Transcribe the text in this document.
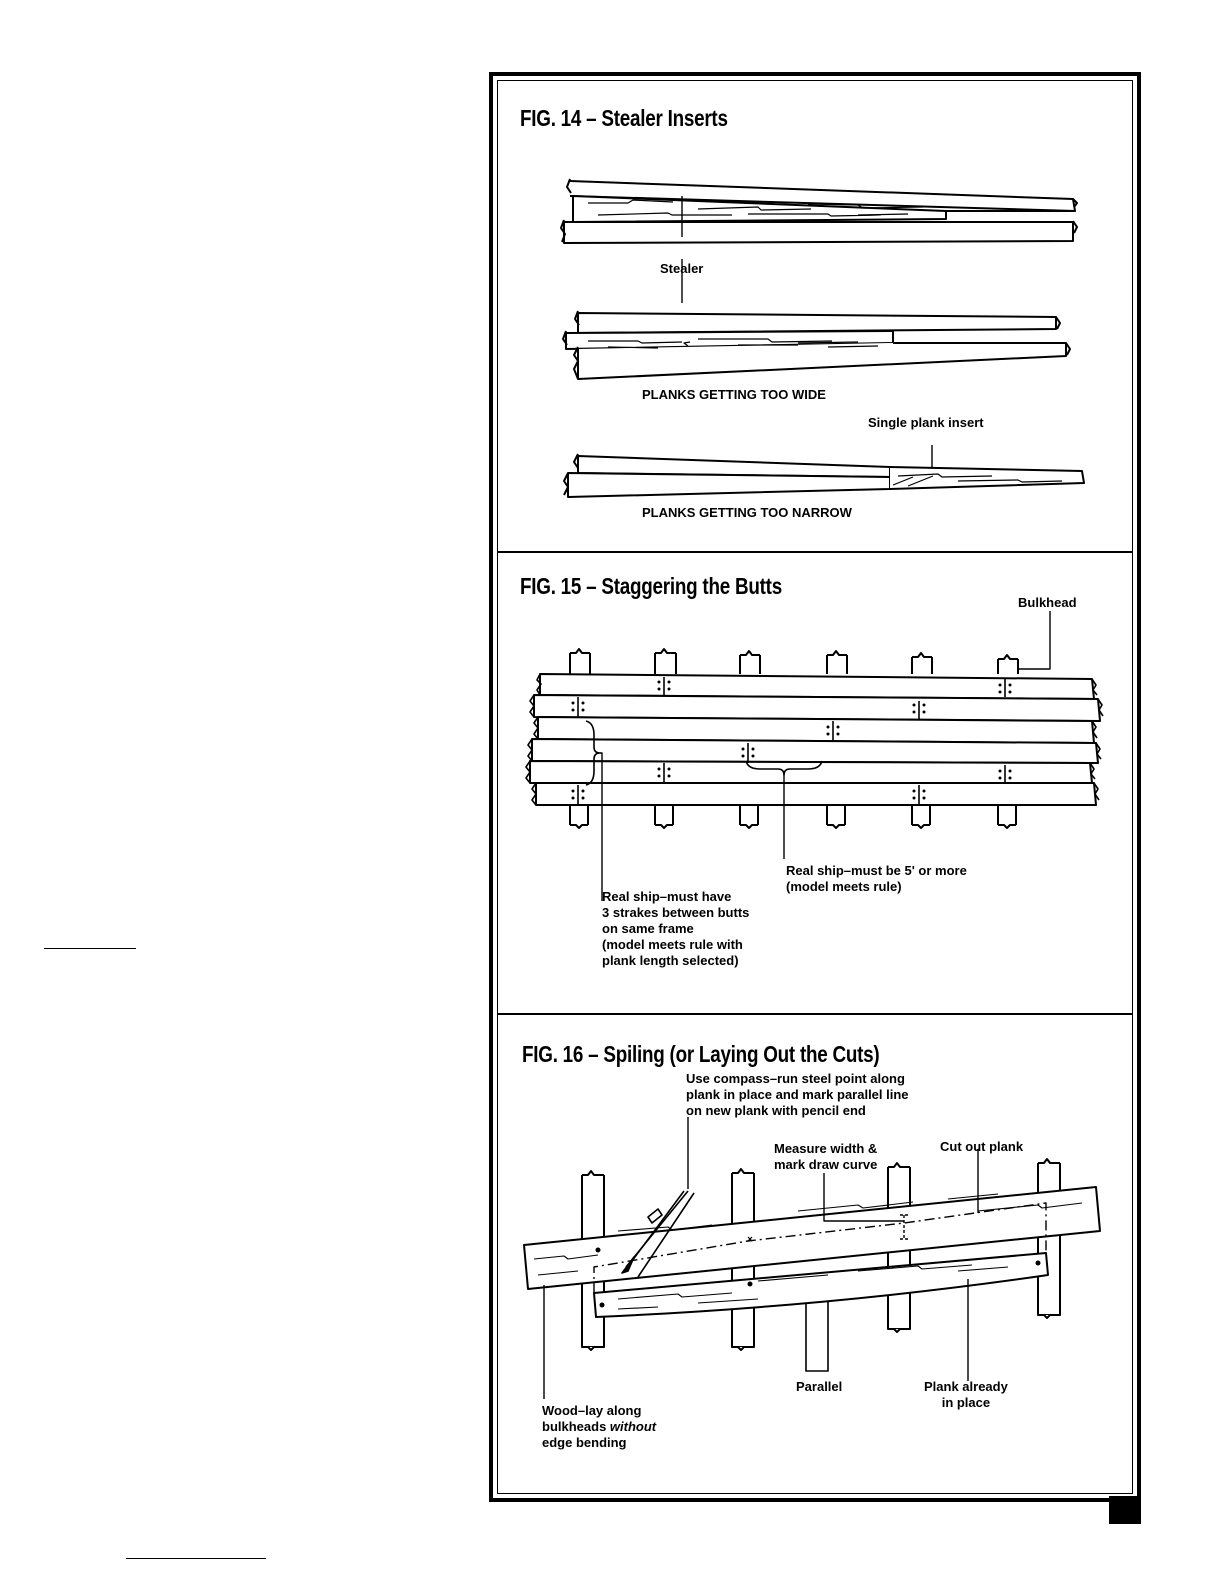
FIG. 14 – Stealer Inserts
Stealer
PLANKS GETTING TOO WIDE
Single plank insert
PLANKS GETTING TOO NARROW
FIG. 15 – Staggering the Butts
Bulkhead
Real ship–must be 5' or more
(model meets rule)
Real ship–must have
3 strakes between butts
on same frame
(model meets rule with
plank length selected)
FIG. 16 – Spiling (or Laying Out the Cuts)
Use compass–run steel point along
plank in place and mark parallel line
on new plank with pencil end
Measure width &
mark draw curve
Cut out plank
Parallel	Plank already
in place
Wood–lay along
bulkheads without
edge bending
